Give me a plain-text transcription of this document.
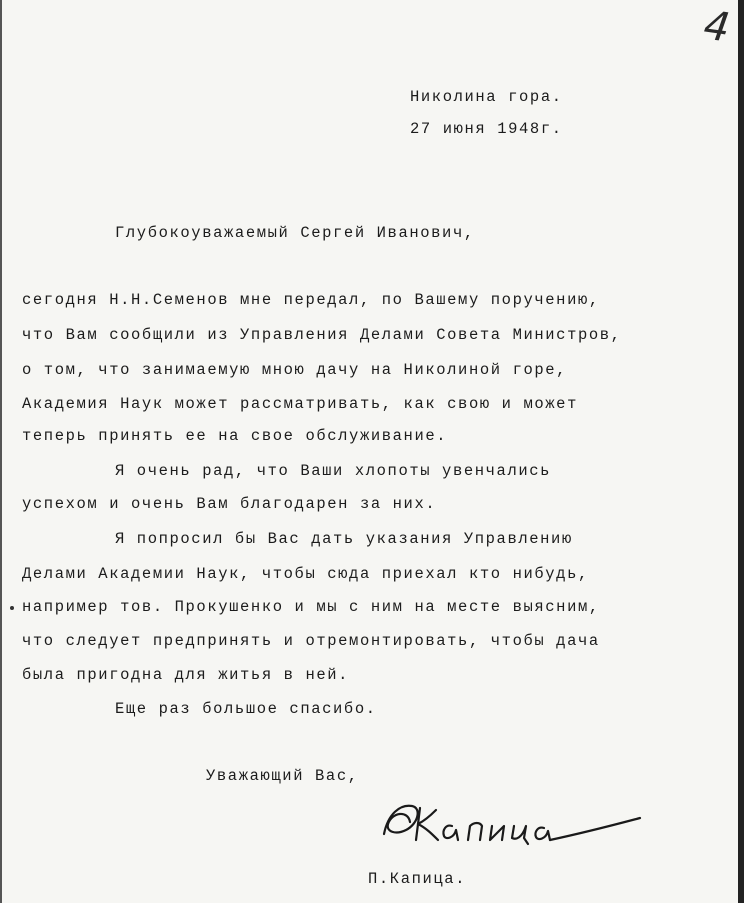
4
Николина гора.
27 июня 1948г.
Глубокоуважаемый Сергей Иванович,
сегодня Н.Н.Семенов мне передал, по Вашему поручению,
что Вам сообщили из Управления Делами Совета Министров,
о том, что занимаемую мною дачу на Николиной горе,
Академия Наук может рассматривать, как свою и может
теперь принять ее на свое обслуживание.
Я очень рад, что Ваши хлопоты увенчались
успехом и очень Вам благодарен за них.
Я попросил бы Вас дать указания Управлению
Делами Академии Наук, чтобы сюда приехал кто нибудь,
например тов. Прокушенко и мы с ним на месте выясним,
что следует предпринять и отремонтировать, чтобы дача
была пригодна для житья в ней.
Еще раз большое спасибо.
Уважающий Вас,
П.Капица.
